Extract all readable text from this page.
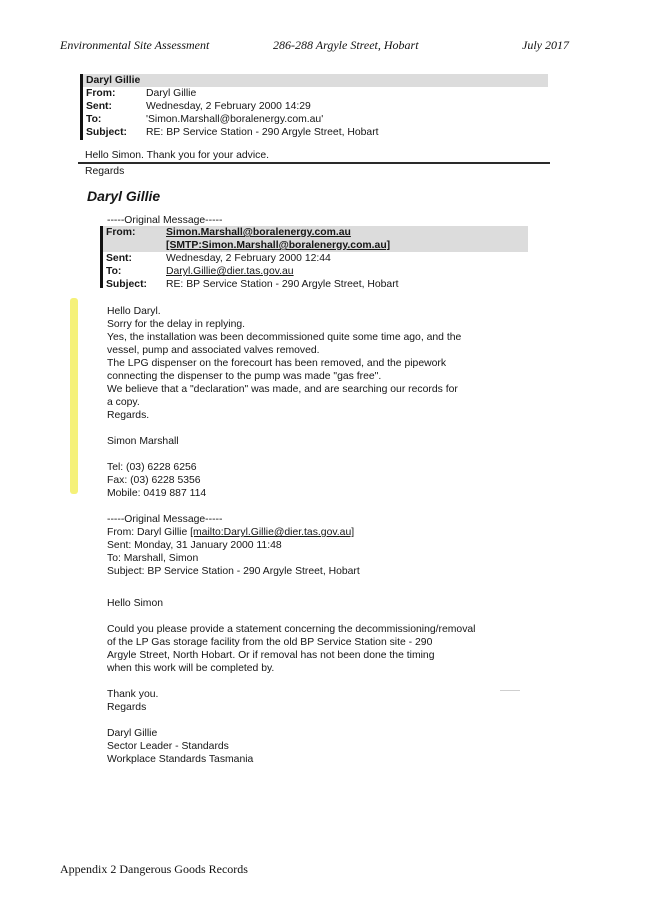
Environmental Site Assessment	286-288 Argyle Street, Hobart	July 2017
Daryl Gillie
From:	Daryl Gillie
Sent:	Wednesday, 2 February 2000 14:29
To:	'Simon.Marshall@boralenergy.com.au'
Subject: RE: BP Service Station - 290 Argyle Street, Hobart
Hello Simon. Thank you for your advice.
Regards
Daryl Gillie
-----Original Message-----
From:	Simon.Marshall@boralenergy.com.au
[SMTP:Simon.Marshall@boralenergy.com.au]
Sent:	Wednesday, 2 February 2000 12:44
To:	Daryl.Gillie@dier.tas.gov.au
Subject: RE: BP Service Station - 290 Argyle Street, Hobart
Hello Daryl.
Sorry for the delay in replying.
Yes, the installation was been decommissioned quite some time ago, and the
vessel, pump and associated valves removed.
The LPG dispenser on the forecourt has been removed, and the pipework
connecting the dispenser to the pump was made "gas free".
We believe that a "declaration" was made, and are searching our records for
a copy.
Regards.
Simon Marshall
Tel: (03) 6228 6256
Fax: (03) 6228 5356
Mobile: 0419 887 114
-----Original Message-----
From: Daryl Gillie [mailto:Daryl.Gillie@dier.tas.gov.au]
Sent: Monday, 31 January 2000 11:48
To: Marshall, Simon
Subject: BP Service Station - 290 Argyle Street, Hobart
Hello Simon
Could you please provide a statement concerning the decommissioning/removal
of the LP Gas storage facility from the old BP Service Station site - 290
Argyle Street, North Hobart. Or if removal has not been done the timing
when this work will be completed by.
Thank you.
Regards
Daryl Gillie
Sector Leader - Standards
Workplace Standards Tasmania
Appendix 2 Dangerous Goods Records
